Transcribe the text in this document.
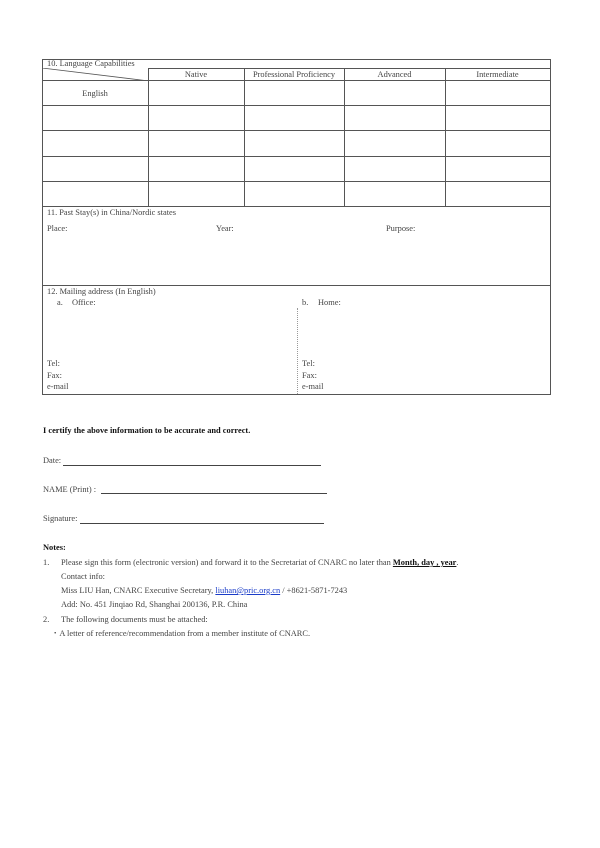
10. Language Capabilities
Native	Professional Proficiency	Advanced	Intermediate
English
11. Past Stay(s) in China/Nordic states
Place:	Year:	Purpose:
12. Mailing address (In English)
a. Office:
Tel:
Fax:
e-mail
b. Home:
Tel:
Fax:
e-mail
I certify the above information to be accurate and correct.
Date:
NAME (Print) :
Signature:
Notes:
1. Please sign this form (electronic version) and forward it to the Secretariat of CNARC no later than Month, day , year.
Contact info:
Miss LIU Han, CNARC Executive Secretary, liuhan@pric.org.cn / +8621-5871-7243
Add: No. 451 Jinqiao Rd, Shanghai 200136, P.R. China
2. The following documents must be attached:
・A letter of reference/recommendation from a member institute of CNARC.
